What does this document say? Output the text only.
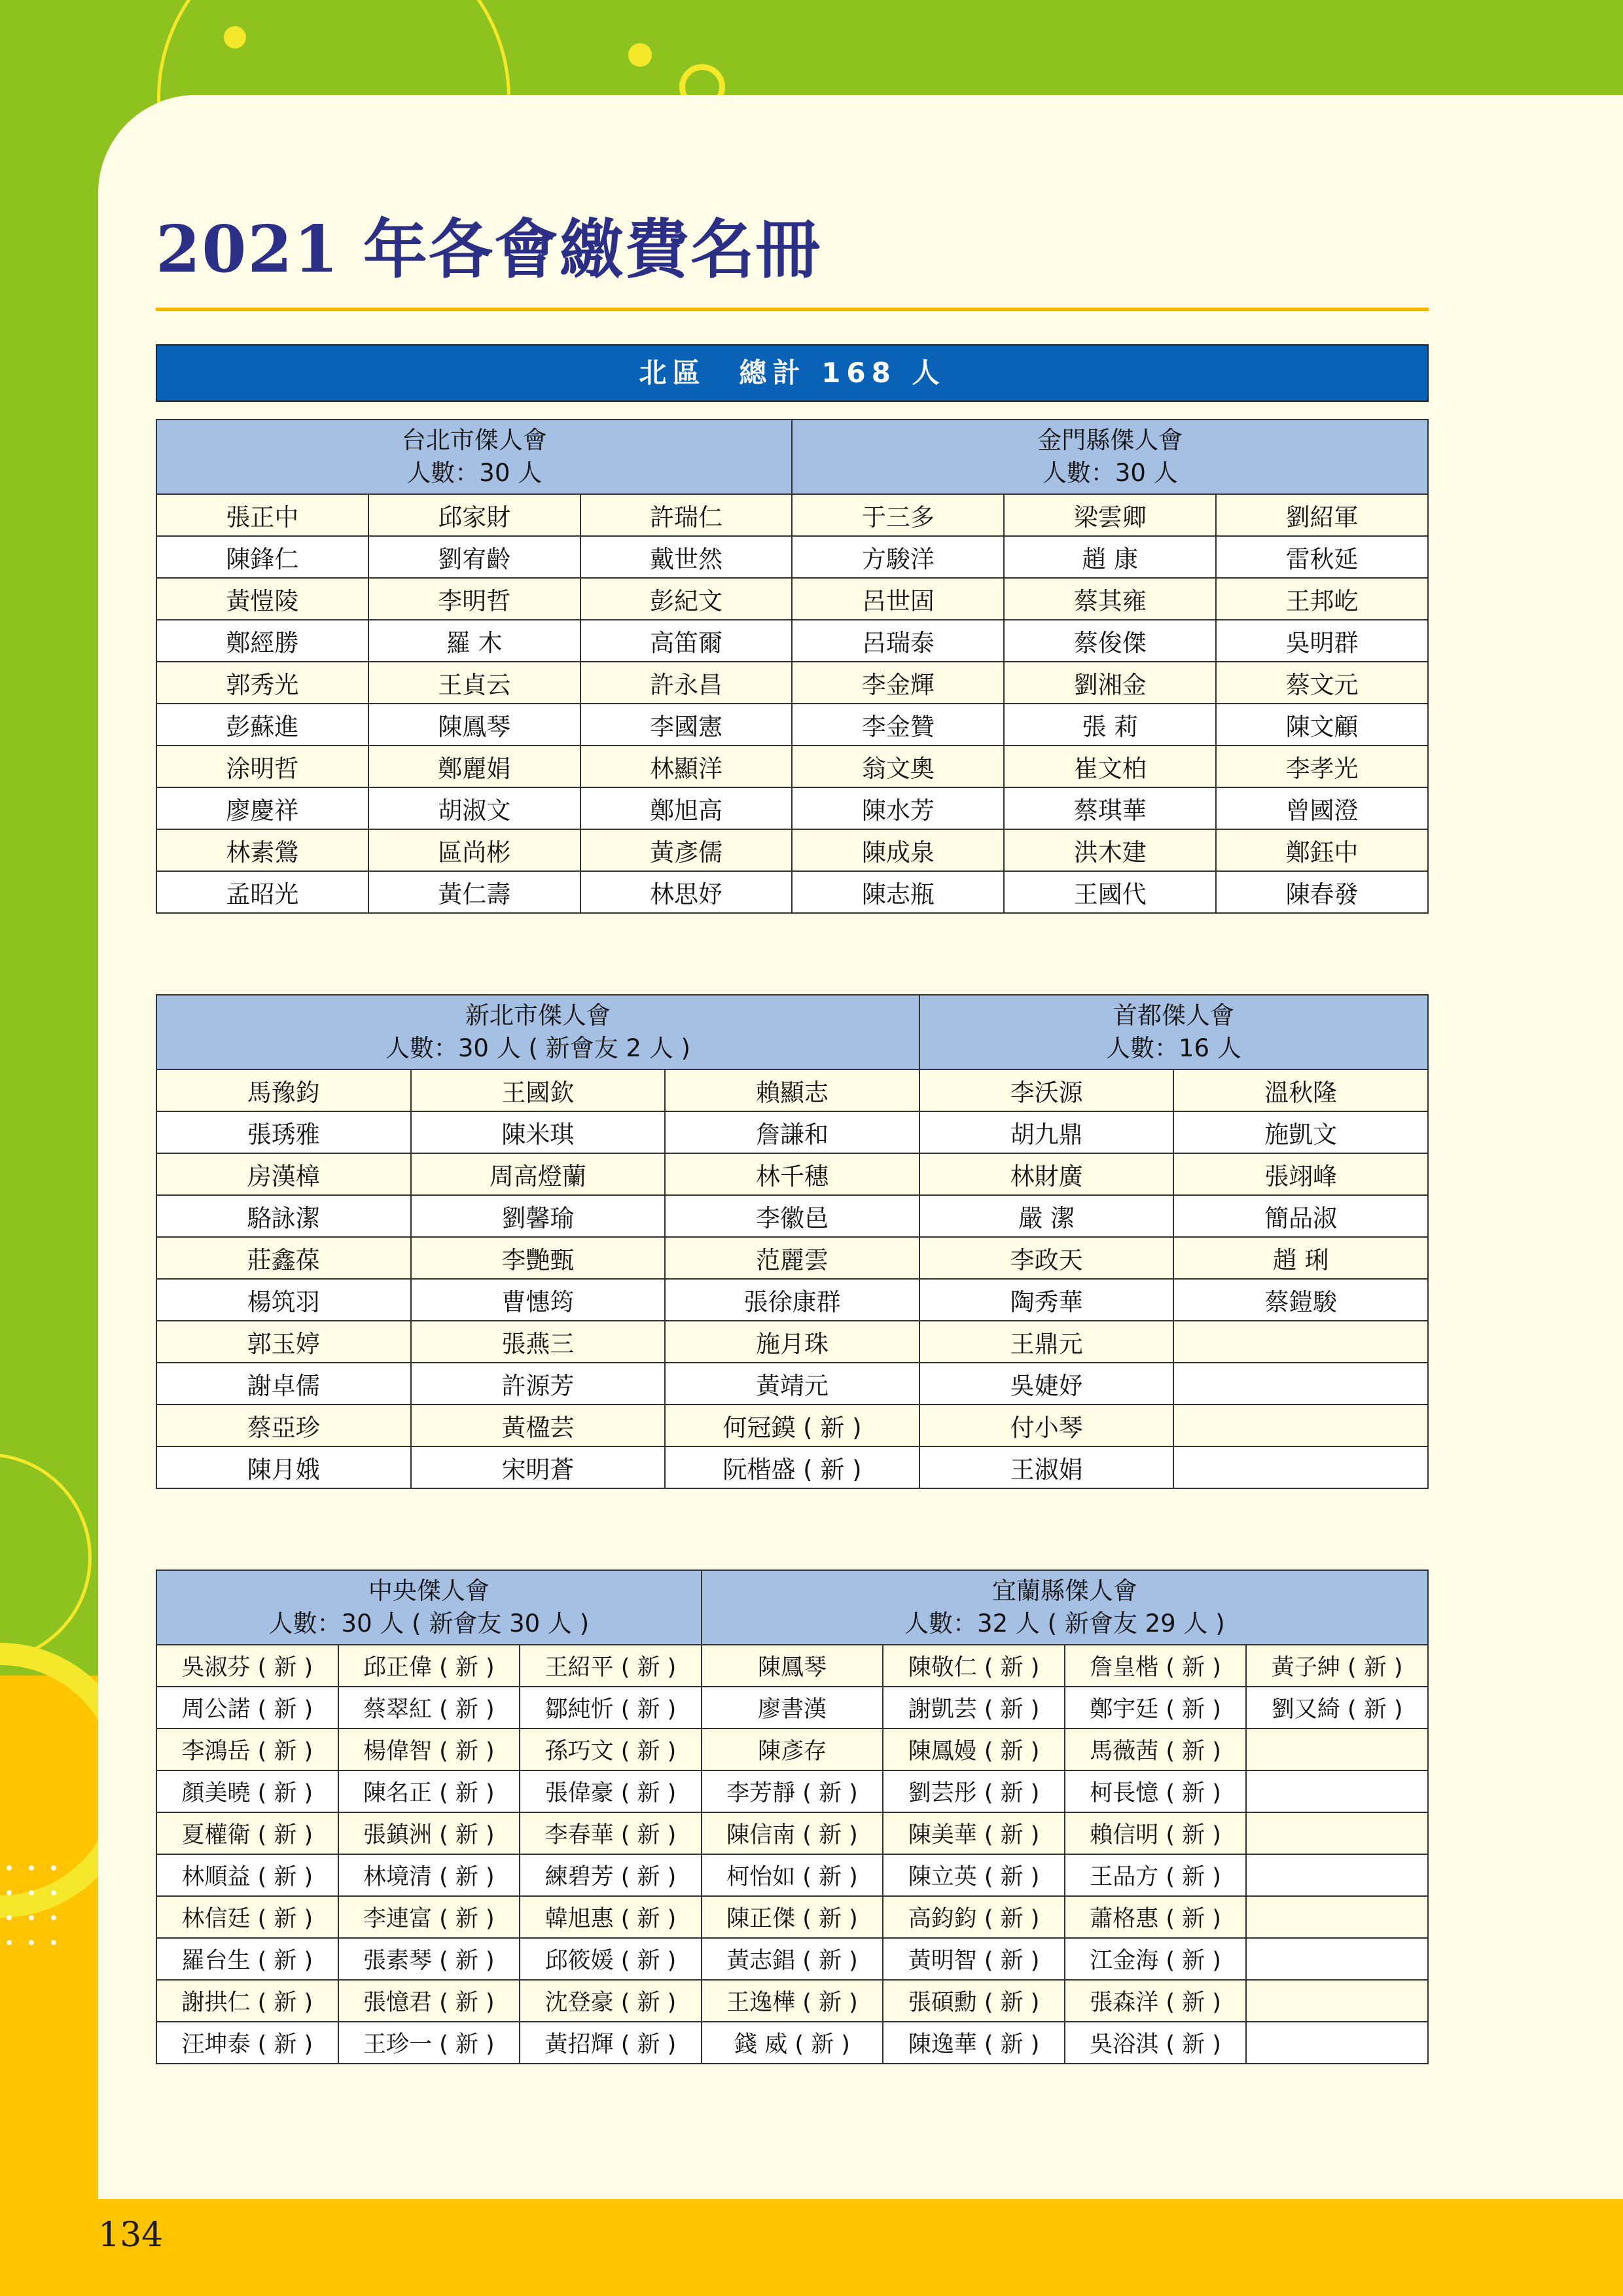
2021 年各會繳費名冊
北區　總計 168 人
台北市傑人會
人數：30 人			金門縣傑人會
人數：30 人		

張正中	邱家財	許瑞仁	于三多	梁雲卿	劉紹軍
陳鋒仁	劉宥齡	戴世然	方駿洋	趙 康	雷秋延
黃愷陵	李明哲	彭紀文	呂世固	蔡其雍	王邦屹
鄭經勝	羅 木	高笛爾	呂瑞泰	蔡俊傑	吳明群
郭秀光	王貞云	許永昌	李金輝	劉湘金	蔡文元
彭蘇進	陳鳳琴	李國憲	李金贊	張 莉	陳文顧
涂明哲	鄭麗娟	林顯洋	翁文奧	崔文柏	李孝光
廖慶祥	胡淑文	鄭旭高	陳水芳	蔡琪華	曾國澄
林素鶯	區尚彬	黃彥儒	陳成泉	洪木建	鄭鈺中
孟昭光	黃仁壽	林思妤	陳志瓶	王國代	陳春發
新北市傑人會
人數：30 人 ( 新會友 2 人 )			首都傑人會
人數：16 人	

馬豫鈞	王國欽	賴顯志	李沃源	溫秋隆
張琇雅	陳米琪	詹謙和	胡九鼎	施凱文
房漢樟	周高燈蘭	林千穗	林財廣	張翊峰
駱詠潔	劉馨瑜	李徽邑	嚴 潔	簡品淑
莊鑫葆	李艷甄	范麗雲	李政天	趙 琍
楊筑羽	曹憓筠	張徐康群	陶秀華	蔡鎧駿
郭玉婷	張燕三	施月珠	王鼎元	
謝卓儒	許源芳	黃靖元	吳婕妤	
蔡亞珍	黃楹芸	何冠鏌 ( 新 )	付小琴	
陳月娥	宋明蒼	阮楷盛 ( 新 )	王淑娟	
中央傑人會
人數：30 人 ( 新會友 30 人 )			宜蘭縣傑人會
人數：32 人 ( 新會友 29 人 )			

吳淑芬 ( 新 )	邱正偉 ( 新 )	王紹平 ( 新 )	陳鳳琴	陳敬仁 ( 新 )	詹皇楷 ( 新 )	黃子紳 ( 新 )
周公諾 ( 新 )	蔡翠紅 ( 新 )	鄒純忻 ( 新 )	廖書漢	謝凱芸 ( 新 )	鄭宇廷 ( 新 )	劉又綺 ( 新 )
李鴻岳 ( 新 )	楊偉智 ( 新 )	孫巧文 ( 新 )	陳彥存	陳鳳嫚 ( 新 )	馬薇茜 ( 新 )	
顏美曉 ( 新 )	陳名正 ( 新 )	張偉豪 ( 新 )	李芳靜 ( 新 )	劉芸彤 ( 新 )	柯長憶 ( 新 )	
夏權衛 ( 新 )	張鎮洲 ( 新 )	李春華 ( 新 )	陳信南 ( 新 )	陳美華 ( 新 )	賴信明 ( 新 )	
林順益 ( 新 )	林境清 ( 新 )	練碧芳 ( 新 )	柯怡如 ( 新 )	陳立英 ( 新 )	王品方 ( 新 )	
林信廷 ( 新 )	李連富 ( 新 )	韓旭惠 ( 新 )	陳正傑 ( 新 )	高鈞鈞 ( 新 )	蕭格惠 ( 新 )	
羅台生 ( 新 )	張素琴 ( 新 )	邱筱媛 ( 新 )	黃志錩 ( 新 )	黃明智 ( 新 )	江金海 ( 新 )	
謝拱仁 ( 新 )	張憶君 ( 新 )	沈登豪 ( 新 )	王逸樺 ( 新 )	張碩勳 ( 新 )	張森洋 ( 新 )	
汪坤泰 ( 新 )	王珍一 ( 新 )	黃招輝 ( 新 )	錢 威 ( 新 )	陳逸華 ( 新 )	吳浴淇 ( 新 )	

134
